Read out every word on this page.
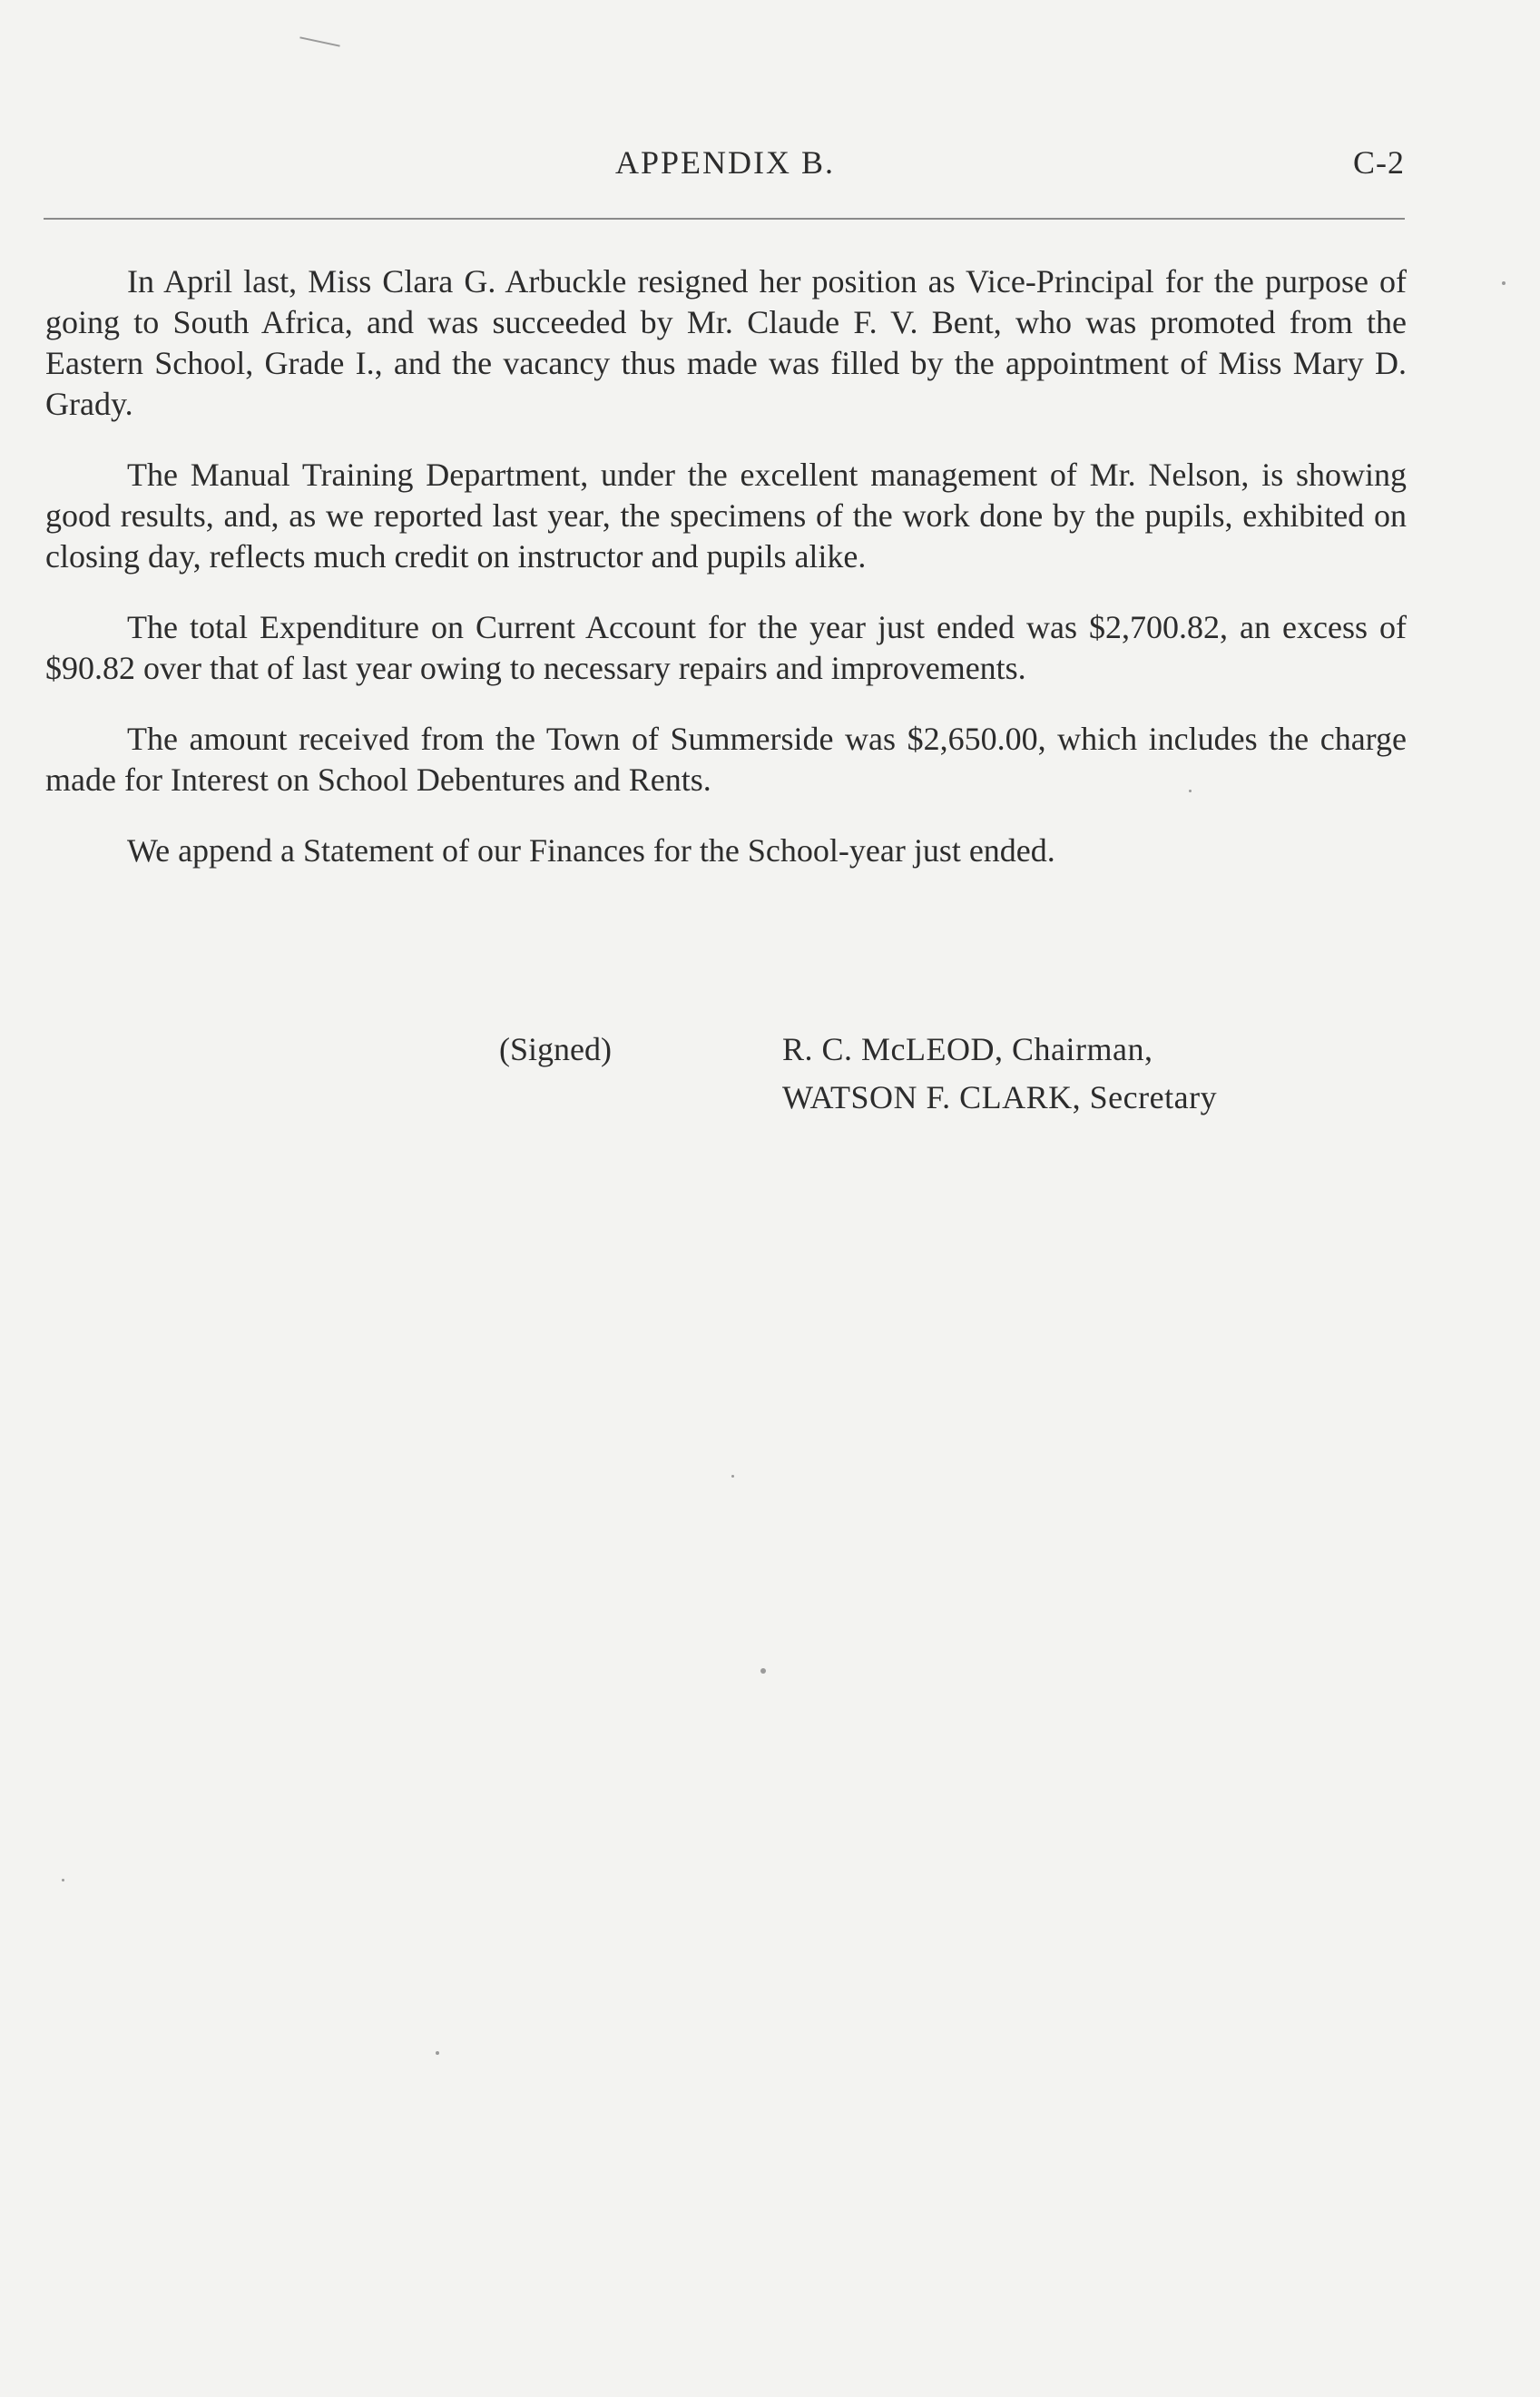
APPENDIX B.	C-2

In April last, Miss Clara G. Arbuckle resigned her position as Vice-Principal for the purpose of going to South Africa, and was succeeded by Mr. Claude F. V. Bent, who was promoted from the Eastern School, Grade I., and the vacancy thus made was filled by the appointment of Miss Mary D. Grady.

The Manual Training Department, under the excellent management of Mr. Nelson, is showing good results, and, as we reported last year, the specimens of the work done by the pupils, exhibited on closing day, reflects much credit on instructor and pupils alike.

The total Expenditure on Current Account for the year just ended was $2,700.82, an excess of $90.82 over that of last year owing to necessary repairs and improvements.

The amount received from the Town of Summerside was $2,650.00, which includes the charge made for Interest on School Debentures and Rents.

We append a Statement of our Finances for the School-year just ended.

(Signed)	R. C. McLEOD, Chairman,
WATSON F. CLARK, Secretary
